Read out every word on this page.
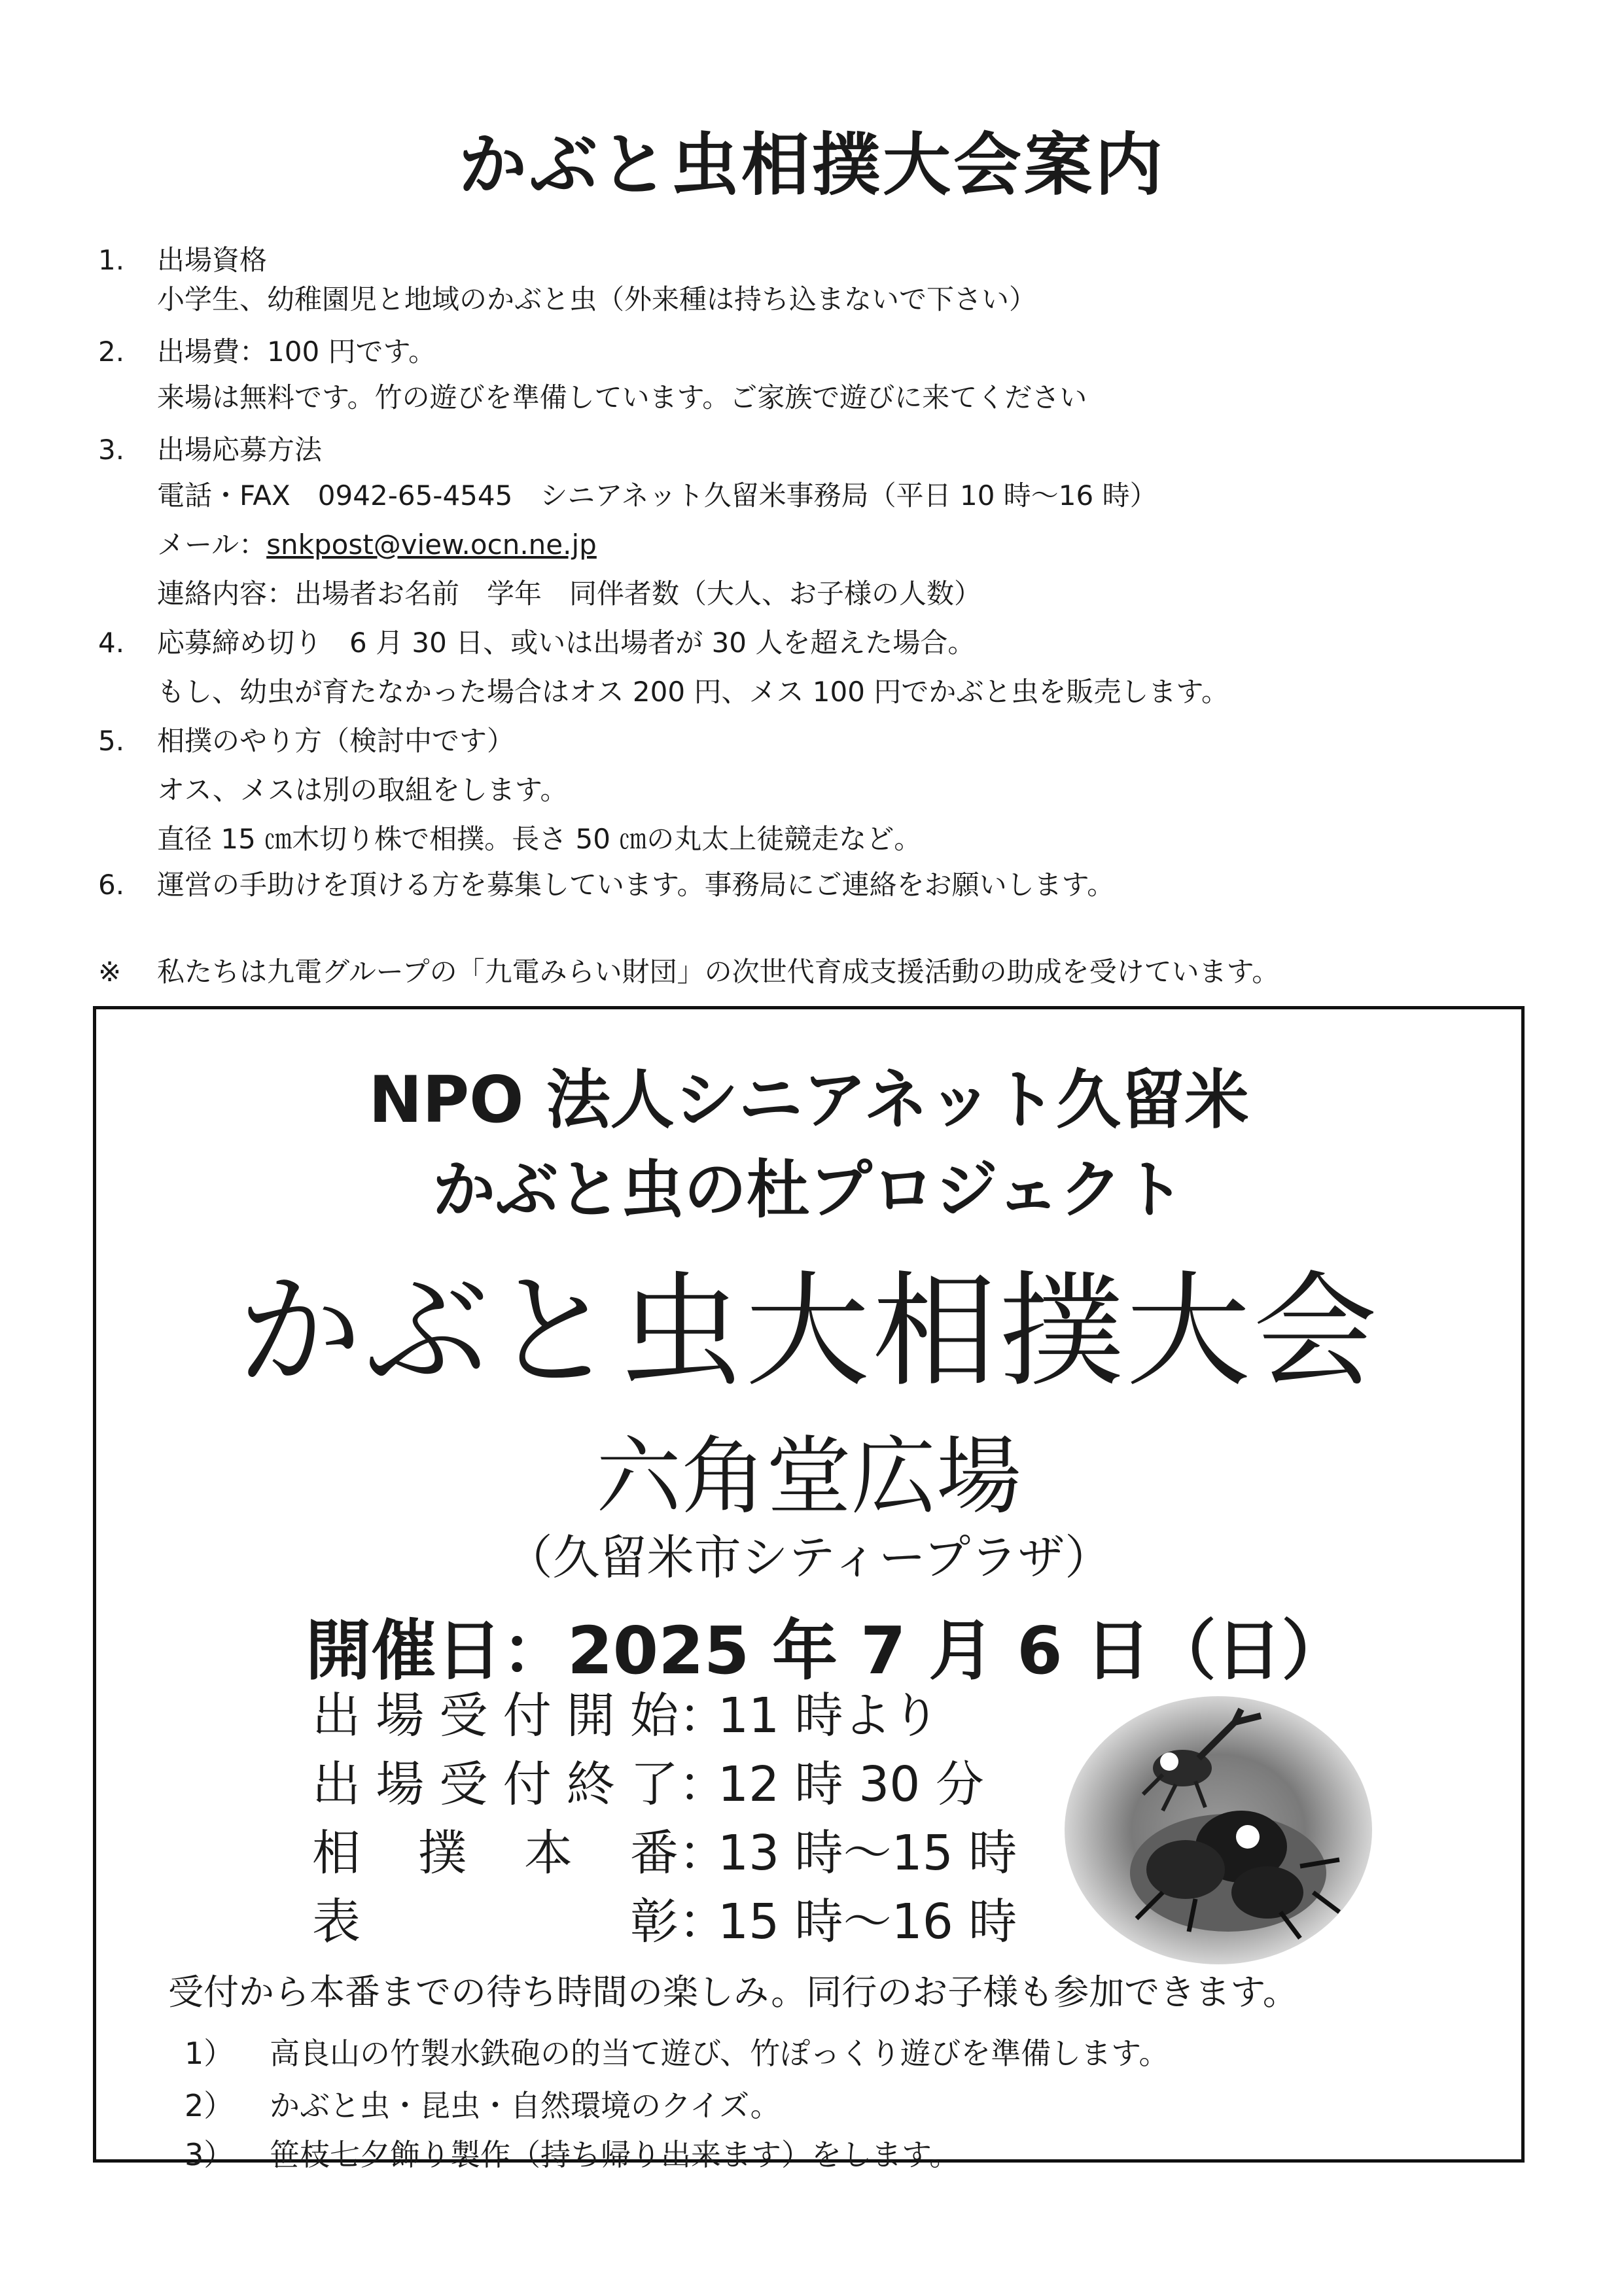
かぶと虫相撲大会案内
1. 出場資格
小学生、幼稚園児と地域のかぶと虫（外来種は持ち込まないで下さい）
2. 出場費：100 円です。
来場は無料です。竹の遊びを準備しています。ご家族で遊びに来てください
3. 出場応募方法
電話・FAX　0942-65-4545　シニアネット久留米事務局（平日 10 時～16 時）
メール：snkpost@view.ocn.ne.jp
連絡内容：出場者お名前　学年　同伴者数（大人、お子様の人数）
4. 応募締め切り　6 月 30 日、或いは出場者が 30 人を超えた場合。
もし、幼虫が育たなかった場合はオス 200 円、メス 100 円でかぶと虫を販売します。
5. 相撲のやり方（検討中です）
オス、メスは別の取組をします。
直径 15 ㎝木切り株で相撲。長さ 50 ㎝の丸太上徒競走など。
6. 運営の手助けを頂ける方を募集しています。事務局にご連絡をお願いします。
※ 私たちは九電グループの「九電みらい財団」の次世代育成支援活動の助成を受けています。
NPO 法人シニアネット久留米
かぶと虫の杜プロジェクト
かぶと虫大相撲大会
六角堂広場
（久留米市シティープラザ）
開催日：2025 年 7 月 6 日（日）
出場受付開始：11 時より
出場受付終了：12 時 30 分
相撲本番：13 時～15 時
表彰：15 時～16 時
受付から本番までの待ち時間の楽しみ。同行のお子様も参加できます。
1） 高良山の竹製水鉄砲の的当て遊び、竹ぽっくり遊びを準備します。
2） かぶと虫・昆虫・自然環境のクイズ。
3） 笹枝七夕飾り製作（持ち帰り出来ます）をします。
